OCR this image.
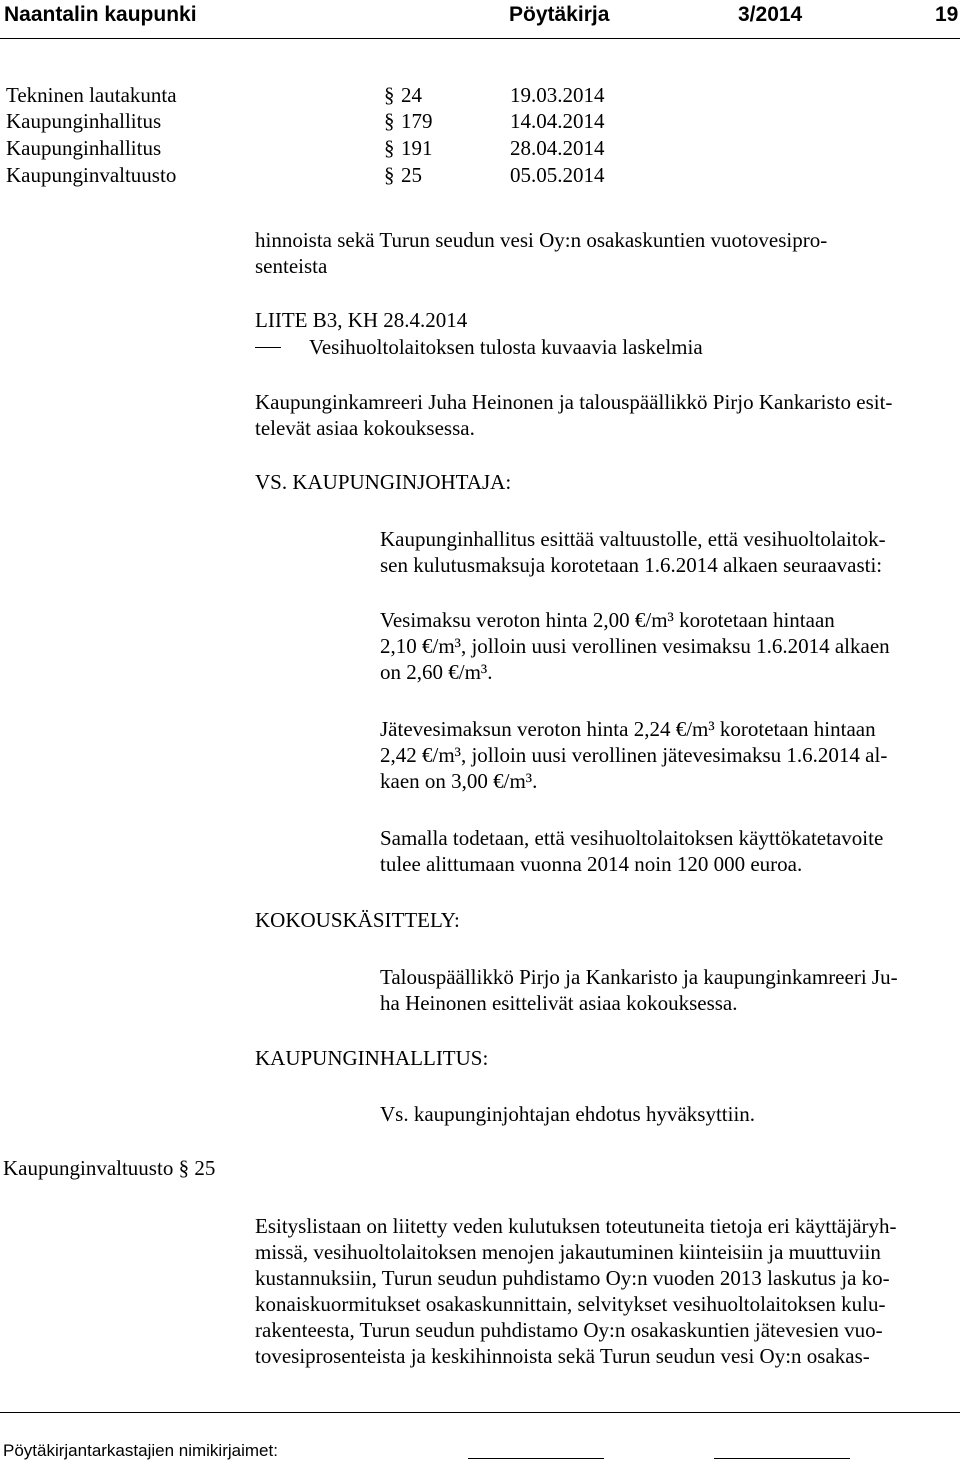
Naantalin kaupunki	Pöytäkirja	3/2014	19
Tekninen lautakunta	§ 24	19.03.2014
Kaupunginhallitus	§ 179	14.04.2014
Kaupunginhallitus	§ 191	28.04.2014
Kaupunginvaltuusto	§ 25	05.05.2014
hinnoista sekä Turun seudun vesi Oy:n osakaskuntien vuotovesipro-
senteista
LIITE B3, KH 28.4.2014
Vesihuoltolaitoksen tulosta kuvaavia laskelmia
Kaupunginkamreeri Juha Heinonen ja talouspäällikkö Pirjo Kankaristo esit-
televät asiaa kokouksessa.
VS. KAUPUNGINJOHTAJA:
Kaupunginhallitus esittää valtuustolle, että vesihuoltolaitok-
sen kulutusmaksuja korotetaan 1.6.2014 alkaen seuraavasti:
Vesimaksu veroton hinta 2,00 €/m³ korotetaan hintaan
2,10 €/m³, jolloin uusi verollinen vesimaksu 1.6.2014 alkaen
on 2,60 €/m³.
Jätevesimaksun veroton hinta 2,24 €/m³ korotetaan hintaan
2,42 €/m³, jolloin uusi verollinen jätevesimaksu 1.6.2014 al-
kaen on 3,00 €/m³.
Samalla todetaan, että vesihuoltolaitoksen käyttökatetavoite
tulee alittumaan vuonna 2014 noin 120 000 euroa.
KOKOUSKÄSITTELY:
Talouspäällikkö Pirjo ja Kankaristo ja kaupunginkamreeri Ju-
ha Heinonen esittelivät asiaa kokouksessa.
KAUPUNGINHALLITUS:
Vs. kaupunginjohtajan ehdotus hyväksyttiin.
Kaupunginvaltuusto § 25
Esityslistaan on liitetty veden kulutuksen toteutuneita tietoja eri käyttäjäryh-
missä, vesihuoltolaitoksen menojen jakautuminen kiinteisiin ja muuttuviin
kustannuksiin, Turun seudun puhdistamo Oy:n vuoden 2013 laskutus ja ko-
konaiskuormitukset osakaskunnittain, selvitykset vesihuoltolaitoksen kulu-
rakenteesta, Turun seudun puhdistamo Oy:n osakaskuntien jätevesien vuo-
tovesiprosenteista ja keskihinnoista sekä Turun seudun vesi Oy:n osakas-
Pöytäkirjantarkastajien nimikirjaimet:
